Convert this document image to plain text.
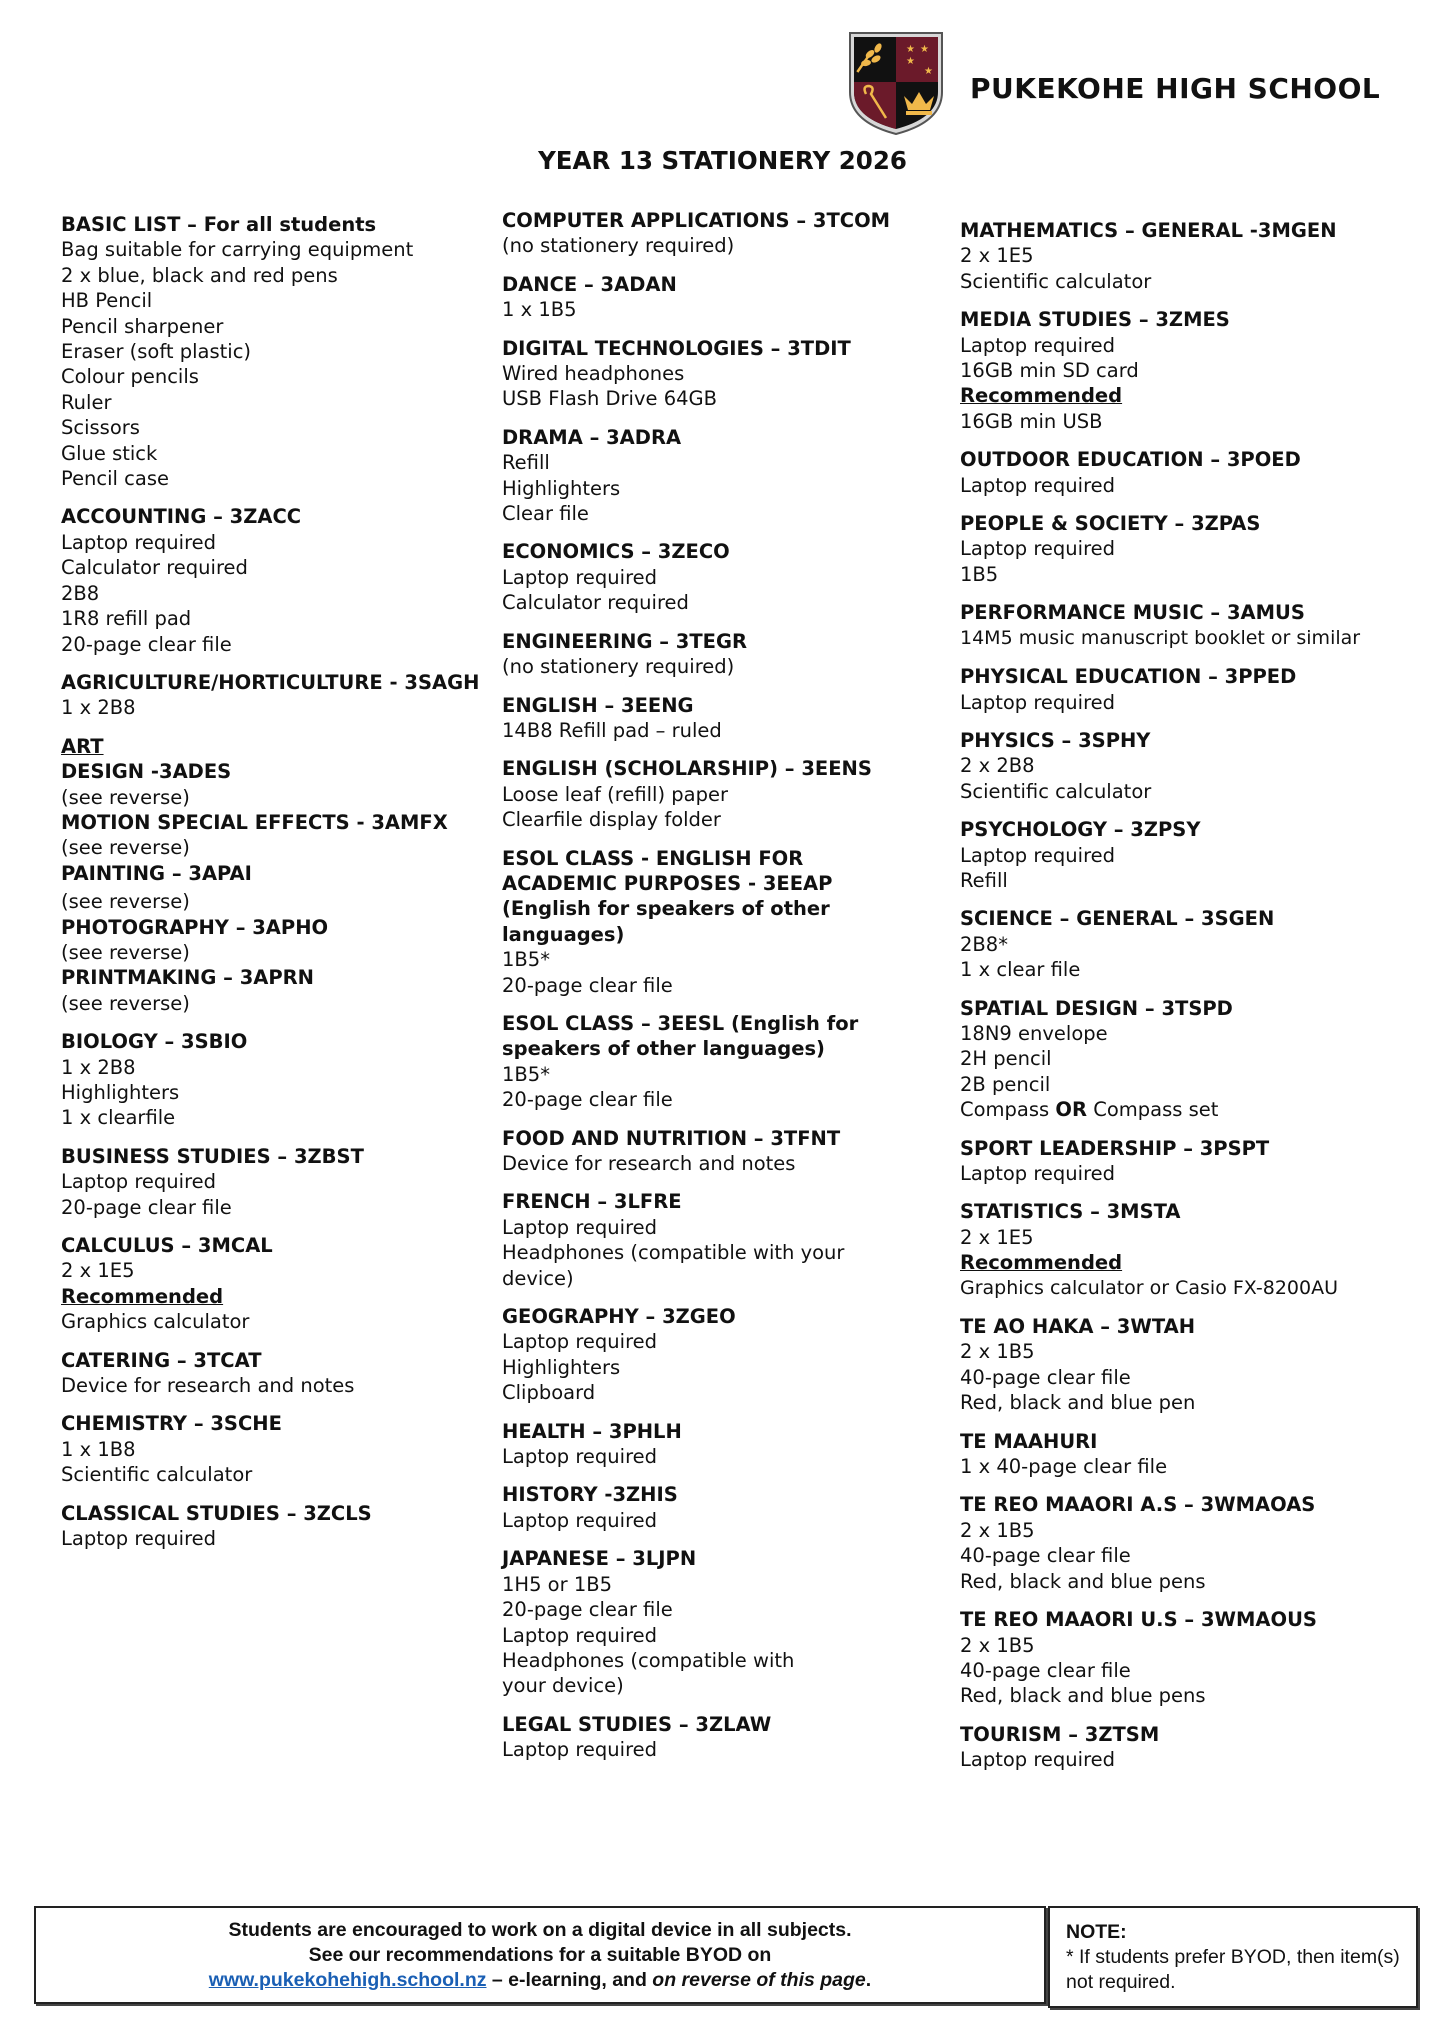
★ ★
★
★
PUKEKOHE HIGH SCHOOL
YEAR 13 STATIONERY 2026
BASIC LIST – For all students
Bag suitable for carrying equipment
2 x blue, black and red pens
HB Pencil
Pencil sharpener
Eraser (soft plastic)
Colour pencils
Ruler
Scissors
Glue stick
Pencil case
ACCOUNTING – 3ZACC
Laptop required
Calculator required
2B8
1R8 refill pad
20-page clear file
AGRICULTURE/HORTICULTURE - 3SAGH
1 x 2B8
ART
DESIGN -3ADES
(see reverse)
MOTION SPECIAL EFFECTS - 3AMFX
(see reverse)
PAINTING – 3APAI
(see reverse)
PHOTOGRAPHY – 3APHO
(see reverse)
PRINTMAKING – 3APRN
(see reverse)
BIOLOGY – 3SBIO
1 x 2B8
Highlighters
1 x clearfile
BUSINESS STUDIES – 3ZBST
Laptop required
20-page clear file
CALCULUS – 3MCAL
2 x 1E5
Recommended
Graphics calculator
CATERING – 3TCAT
Device for research and notes
CHEMISTRY – 3SCHE
1 x 1B8
Scientific calculator
CLASSICAL STUDIES – 3ZCLS
Laptop required
COMPUTER APPLICATIONS – 3TCOM
(no stationery required)
DANCE – 3ADAN
1 x 1B5
DIGITAL TECHNOLOGIES – 3TDIT
Wired headphones
USB Flash Drive 64GB
DRAMA – 3ADRA
Refill
Highlighters
Clear file
ECONOMICS – 3ZECO
Laptop required
Calculator required
ENGINEERING – 3TEGR
(no stationery required)
ENGLISH – 3EENG
14B8 Refill pad – ruled
ENGLISH (SCHOLARSHIP) – 3EENS
Loose leaf (refill) paper
Clearfile display folder
ESOL CLASS - ENGLISH FOR ACADEMIC PURPOSES - 3EEAP (English for speakers of other languages)
1B5*
20-page clear file
ESOL CLASS – 3EESL (English for speakers of other languages)
1B5*
20-page clear file
FOOD AND NUTRITION – 3TFNT
Device for research and notes
FRENCH – 3LFRE
Laptop required
Headphones (compatible with your device)
GEOGRAPHY – 3ZGEO
Laptop required
Highlighters
Clipboard
HEALTH – 3PHLH
Laptop required
HISTORY -3ZHIS
Laptop required
JAPANESE – 3LJPN
1H5 or 1B5
20-page clear file
Laptop required
Headphones (compatible with your device)
LEGAL STUDIES – 3ZLAW
Laptop required
MATHEMATICS – GENERAL -3MGEN
2 x 1E5
Scientific calculator
MEDIA STUDIES – 3ZMES
Laptop required
16GB min SD card
Recommended
16GB min USB
OUTDOOR EDUCATION – 3POED
Laptop required
PEOPLE & SOCIETY – 3ZPAS
Laptop required
1B5
PERFORMANCE MUSIC – 3AMUS
14M5 music manuscript booklet or similar
PHYSICAL EDUCATION – 3PPED
Laptop required
PHYSICS – 3SPHY
2 x 2B8
Scientific calculator
PSYCHOLOGY – 3ZPSY
Laptop required
Refill
SCIENCE – GENERAL – 3SGEN
2B8*
1 x clear file
SPATIAL DESIGN – 3TSPD
18N9 envelope
2H pencil
2B pencil
Compass OR Compass set
SPORT LEADERSHIP – 3PSPT
Laptop required
STATISTICS – 3MSTA
2 x 1E5
Recommended
Graphics calculator or Casio FX-8200AU
TE AO HAKA – 3WTAH
2 x 1B5
40-page clear file
Red, black and blue pen
TE MAAHURI
1 x 40-page clear file
TE REO MAAORI A.S – 3WMAOAS
2 x 1B5
40-page clear file
Red, black and blue pens
TE REO MAAORI U.S – 3WMAOUS
2 x 1B5
40-page clear file
Red, black and blue pens
TOURISM – 3ZTSM
Laptop required
Students are encouraged to work on a digital device in all subjects.
See our recommendations for a suitable BYOD on
www.pukekohehigh.school.nz – e-learning, and on reverse of this page.
NOTE:
* If students prefer BYOD, then item(s) not required.
